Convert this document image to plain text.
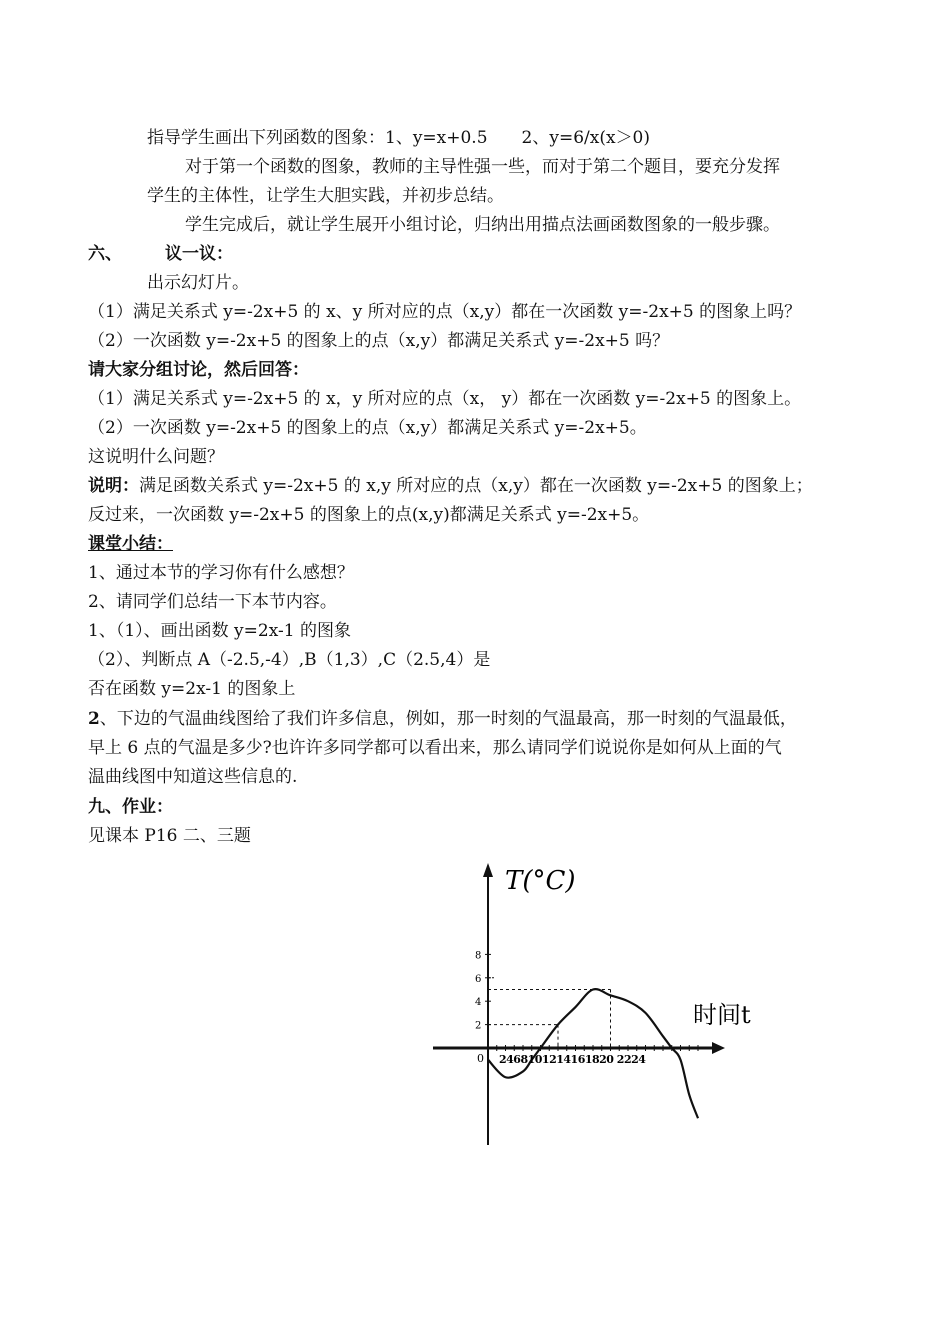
指导学生画出下列函数的图象：1、y=x+0.5　　2、y=6/x(x＞0)
对于第一个函数的图象，教师的主导性强一些，而对于第二个题目，要充分发挥
学生的主体性，让学生大胆实践，并初步总结。
学生完成后，就让学生展开小组讨论，归纳出用描点法画函数图象的一般步骤。
六、	议一议：
出示幻灯片。
（1）满足关系式 y=-2x+5 的 x、y 所对应的点（x,y）都在一次函数 y=-2x+5 的图象上吗？
（2）一次函数 y=-2x+5 的图象上的点（x,y）都满足关系式 y=-2x+5 吗？
请大家分组讨论，然后回答：
（1）满足关系式 y=-2x+5 的 x，y 所对应的点（x， y）都在一次函数 y=-2x+5 的图象上。
（2）一次函数 y=-2x+5 的图象上的点（x,y）都满足关系式 y=-2x+5。
这说明什么问题？
说明：满足函数关系式 y=-2x+5 的 x,y 所对应的点（x,y）都在一次函数 y=-2x+5 的图象上；
反过来，一次函数 y=-2x+5 的图象上的点(x,y)都满足关系式 y=-2x+5。
课堂小结：
1、通过本节的学习你有什么感想？
2、请同学们总结一下本节内容。
1、（1）、画出函数 y=2x-1 的图象
（2）、判断点 A（-2.5,-4）,B（1,3）,C（2.5,4）是
否在函数 y=2x-1 的图象上
2、下边的气温曲线图给了我们许多信息，例如，那一时刻的气温最高，那一时刻的气温最低，
早上 6 点的气温是多少?也许许多同学都可以看出来，那么请同学们说说你是如何从上面的气
温曲线图中知道这些信息的.
九、作业：
见课本 P16 二、三题
T(°C)
时间t
2468101214161820 2224
8
6
4
2
0
